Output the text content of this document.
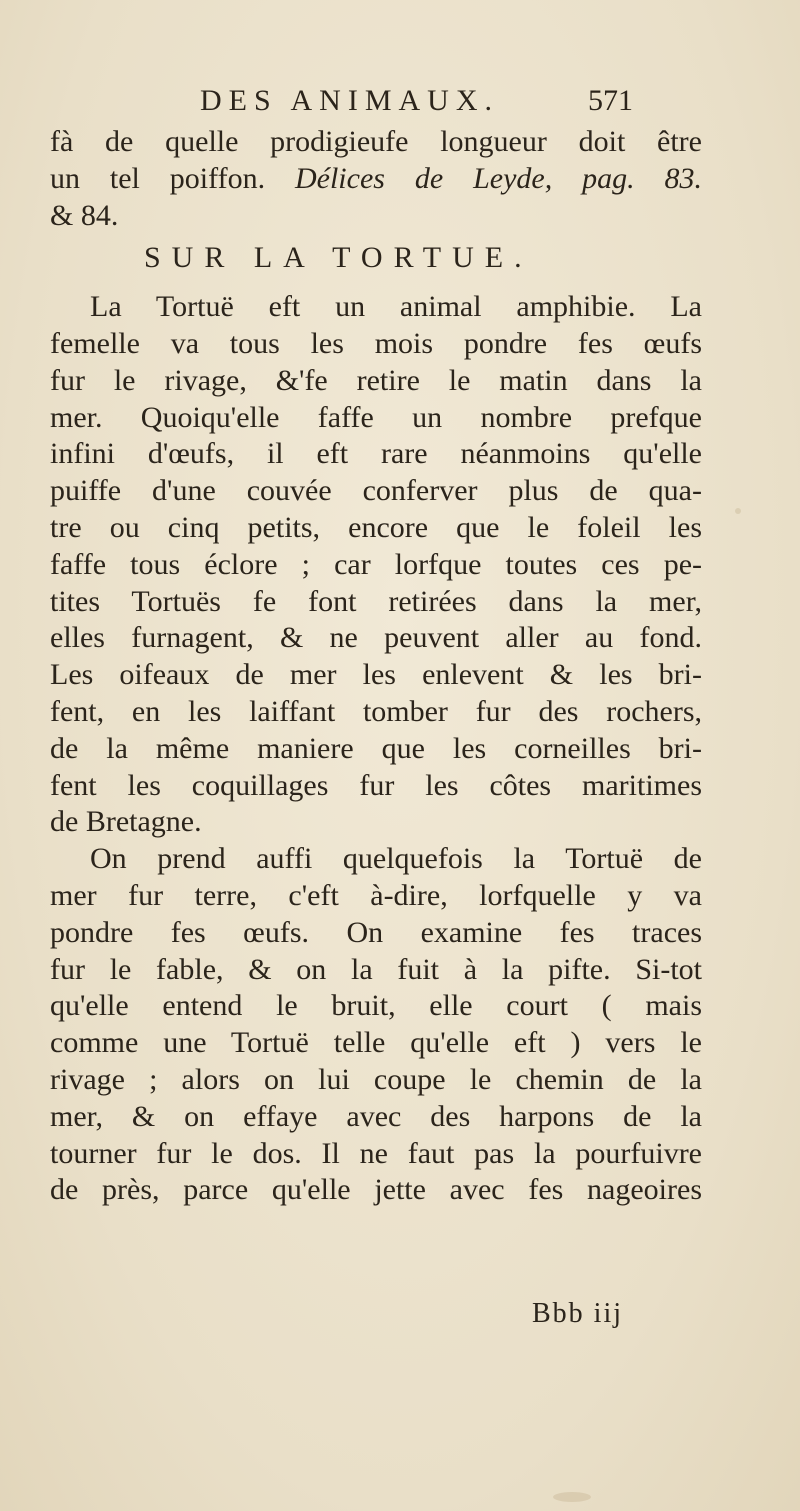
DES ANIMAUX.	571
fà de quelle prodigieufe longueur doit être
un tel poiffon. Délices de Leyde, pag. 83.
& 84.
SUR LA TORTUE.
La Tortuë eft un animal amphibie. La
femelle va tous les mois pondre fes œufs
fur le rivage, &'fe retire le matin dans la
mer. Quoiqu'elle faffe un nombre prefque
infini d'œufs, il eft rare néanmoins qu'elle
puiffe d'une couvée conferver plus de qua-
tre ou cinq petits, encore que le foleil les
faffe tous éclore ; car lorfque toutes ces pe-
tites Tortuës fe font retirées dans la mer,
elles furnagent, & ne peuvent aller au fond.
Les oifeaux de mer les enlevent & les bri-
fent, en les laiffant tomber fur des rochers,
de la même maniere que les corneilles bri-
fent les coquillages fur les côtes maritimes
de Bretagne.
On prend auffi quelquefois la Tortuë de
mer fur terre, c'eft à-dire, lorfquelle y va
pondre fes œufs. On examine fes traces
fur le fable, & on la fuit à la pifte. Si-tot
qu'elle entend le bruit, elle court ( mais
comme une Tortuë telle qu'elle eft ) vers le
rivage ; alors on lui coupe le chemin de la
mer, & on effaye avec des harpons de la
tourner fur le dos. Il ne faut pas la pourfuivre
de près, parce qu'elle jette avec fes nageoires
Bbb iij
